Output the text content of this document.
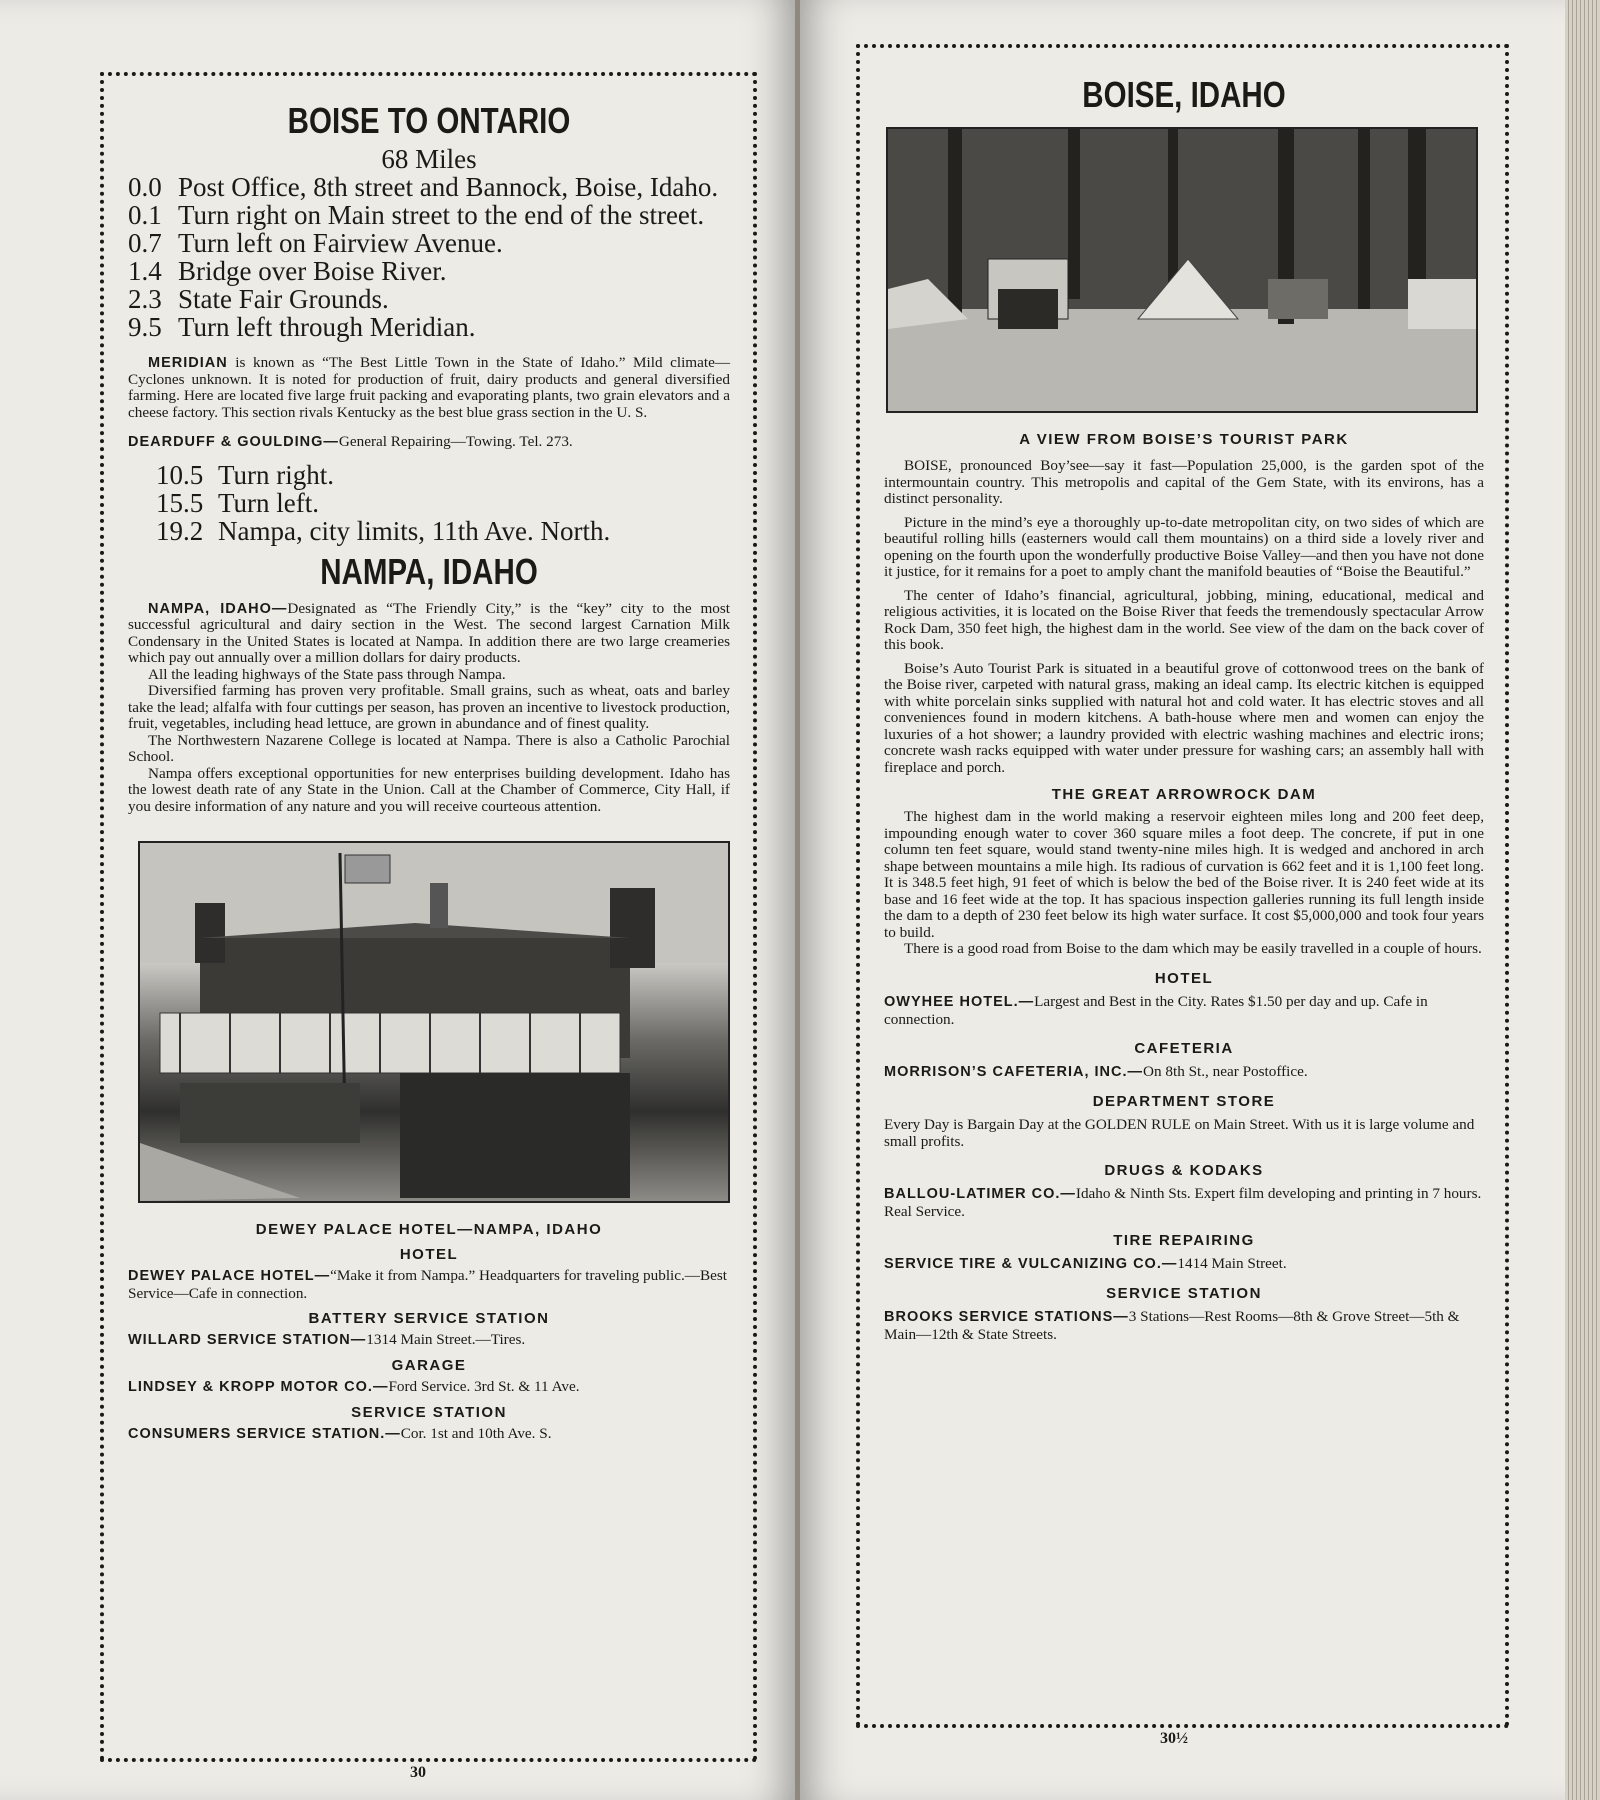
BOISE TO ONTARIO
68 Miles
0.0 Post Office, 8th street and Bannock, Boise, Idaho.
0.1 Turn right on Main street to the end of the street.
0.7 Turn left on Fairview Avenue.
1.4 Bridge over Boise River.
2.3 State Fair Grounds.
9.5 Turn left through Meridian.

MERIDIAN is known as “The Best Little Town in the State of Idaho.” Mild climate—Cyclones unknown. It is noted for production of fruit, dairy products and general diversified farming. Here are located five large fruit packing and evaporating plants, two grain elevators and a cheese factory. This section rivals Kentucky as the best blue grass section in the U. S.

DEARDUFF & GOULDING—General Repairing—Towing. Tel. 273.

10.5 Turn right.
15.5 Turn left.
19.2 Nampa, city limits, 11th Ave. North.
NAMPA, IDAHO

NAMPA, IDAHO—Designated as “The Friendly City,” is the “key” city to the most successful agricultural and dairy section in the West. The second largest Carnation Milk Condensary in the United States is located at Nampa. In addition there are two large creameries which pay out annually over a million dollars for dairy products.

All the leading highways of the State pass through Nampa.

Diversified farming has proven very profitable. Small grains, such as wheat, oats and barley take the lead; alfalfa with four cuttings per season, has proven an incentive to livestock production, fruit, vegetables, including head lettuce, are grown in abundance and of finest quality.

The Northwestern Nazarene College is located at Nampa. There is also a Catholic Parochial School.

Nampa offers exceptional opportunities for new enterprises building development. Idaho has the lowest death rate of any State in the Union. Call at the Chamber of Commerce, City Hall, if you desire information of any nature and you will receive courteous attention.

DEWEY PALACE HOTEL—NAMPA, IDAHO
HOTEL

DEWEY PALACE HOTEL—“Make it from Nampa.” Headquarters for traveling public.—Best Service—Cafe in connection.

BATTERY SERVICE STATION

WILLARD SERVICE STATION—1314 Main Street.—Tires.

GARAGE

LINDSEY & KROPP MOTOR CO.—Ford Service. 3rd St. & 11 Ave.

SERVICE STATION

CONSUMERS SERVICE STATION.—Cor. 1st and 10th Ave. S.

30
BOISE, IDAHO
A VIEW FROM BOISE’S TOURIST PARK

BOISE, pronounced Boy’see—say it fast—Population 25,000, is the garden spot of the intermountain country. This metropolis and capital of the Gem State, with its environs, has a distinct personality.

Picture in the mind’s eye a thoroughly up-to-date metropolitan city, on two sides of which are beautiful rolling hills (easterners would call them mountains) on a third side a lovely river and opening on the fourth upon the wonderfully productive Boise Valley—and then you have not done it justice, for it remains for a poet to amply chant the manifold beauties of “Boise the Beautiful.”

The center of Idaho’s financial, agricultural, jobbing, mining, educational, medical and religious activities, it is located on the Boise River that feeds the tremendously spectacular Arrow Rock Dam, 350 feet high, the highest dam in the world. See view of the dam on the back cover of this book.

Boise’s Auto Tourist Park is situated in a beautiful grove of cottonwood trees on the bank of the Boise river, carpeted with natural grass, making an ideal camp. Its electric kitchen is equipped with white porcelain sinks supplied with natural hot and cold water. It has electric stoves and all conveniences found in modern kitchens. A bath-house where men and women can enjoy the luxuries of a hot shower; a laundry provided with electric washing machines and electric irons; concrete wash racks equipped with water under pressure for washing cars; an assembly hall with fireplace and porch.

THE GREAT ARROWROCK DAM

The highest dam in the world making a reservoir eighteen miles long and 200 feet deep, impounding enough water to cover 360 square miles a foot deep. The concrete, if put in one column ten feet square, would stand twenty-nine miles high. It is wedged and anchored in arch shape between mountains a mile high. Its radious of curvation is 662 feet and it is 1,100 feet long. It is 348.5 feet high, 91 feet of which is below the bed of the Boise river. It is 240 feet wide at its base and 16 feet wide at the top. It has spacious inspection galleries running its full length inside the dam to a depth of 230 feet below its high water surface. It cost $5,000,000 and took four years to build.

There is a good road from Boise to the dam which may be easily travelled in a couple of hours.

HOTEL

OWYHEE HOTEL.—Largest and Best in the City. Rates $1.50 per day and up. Cafe in connection.

CAFETERIA

MORRISON’S CAFETERIA, INC.—On 8th St., near Postoffice.

DEPARTMENT STORE

Every Day is Bargain Day at the GOLDEN RULE on Main Street. With us it is large volume and small profits.

DRUGS & KODAKS

BALLOU-LATIMER CO.—Idaho & Ninth Sts. Expert film developing and printing in 7 hours. Real Service.

TIRE REPAIRING

SERVICE TIRE & VULCANIZING CO.—1414 Main Street.

SERVICE STATION

BROOKS SERVICE STATIONS—3 Stations—Rest Rooms—8th & Grove Street—5th & Main—12th & State Streets.

30½
